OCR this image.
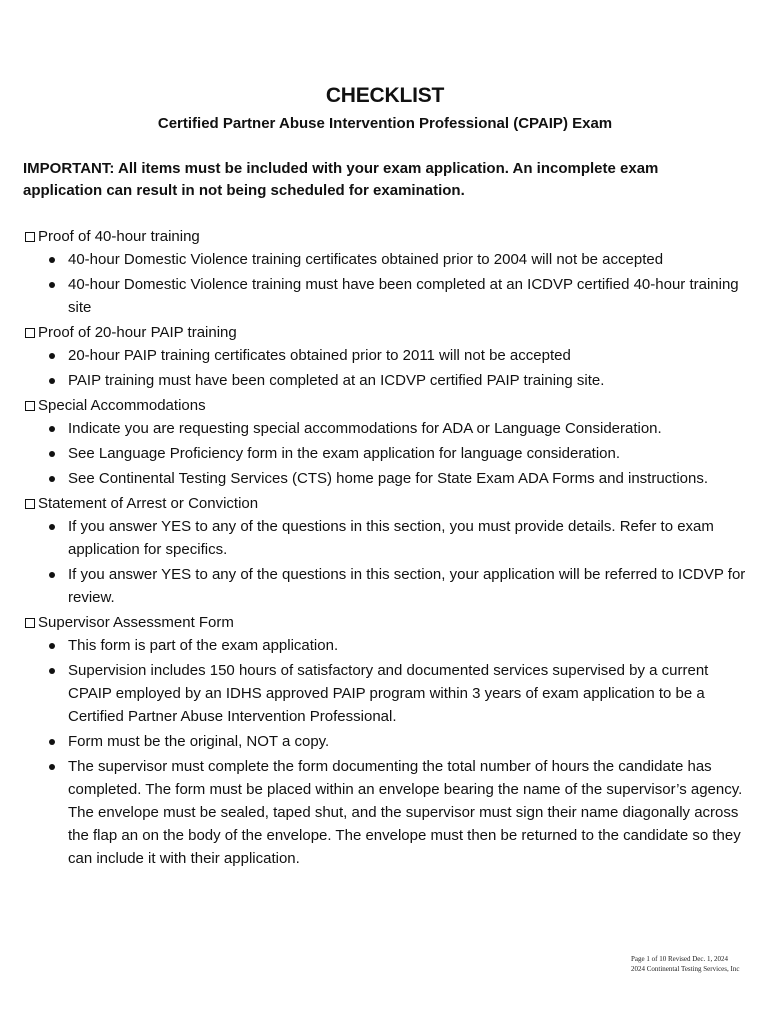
CHECKLIST
Certified Partner Abuse Intervention Professional (CPAIP) Exam
IMPORTANT: All items must be included with your exam application. An incomplete exam application can result in not being scheduled for examination.
Proof of 40-hour training
40-hour Domestic Violence training certificates obtained prior to 2004 will not be accepted
40-hour Domestic Violence training must have been completed at an ICDVP certified 40-hour training site
Proof of 20-hour PAIP training
20-hour PAIP training certificates obtained prior to 2011 will not be accepted
PAIP training must have been completed at an ICDVP certified PAIP training site.
Special Accommodations
Indicate you are requesting special accommodations for ADA or Language Consideration.
See Language Proficiency form in the exam application for language consideration.
See Continental Testing Services (CTS) home page for State Exam ADA Forms and instructions.
Statement of Arrest or Conviction
If you answer YES to any of the questions in this section, you must provide details. Refer to exam application for specifics.
If you answer YES to any of the questions in this section, your application will be referred to ICDVP for review.
Supervisor Assessment Form
This form is part of the exam application.
Supervision includes 150 hours of satisfactory and documented services supervised by a current CPAIP employed by an IDHS approved PAIP program within 3 years of exam application to be a Certified Partner Abuse Intervention Professional.
Form must be the original, NOT a copy.
The supervisor must complete the form documenting the total number of hours the candidate has completed. The form must be placed within an envelope bearing the name of the supervisor’s agency. The envelope must be sealed, taped shut, and the supervisor must sign their name diagonally across the flap an on the body of the envelope. The envelope must then be returned to the candidate so they can include it with their application.
Page 1 of 10 Revised Dec. 1, 2024
2024 Continental Testing Services, Inc
